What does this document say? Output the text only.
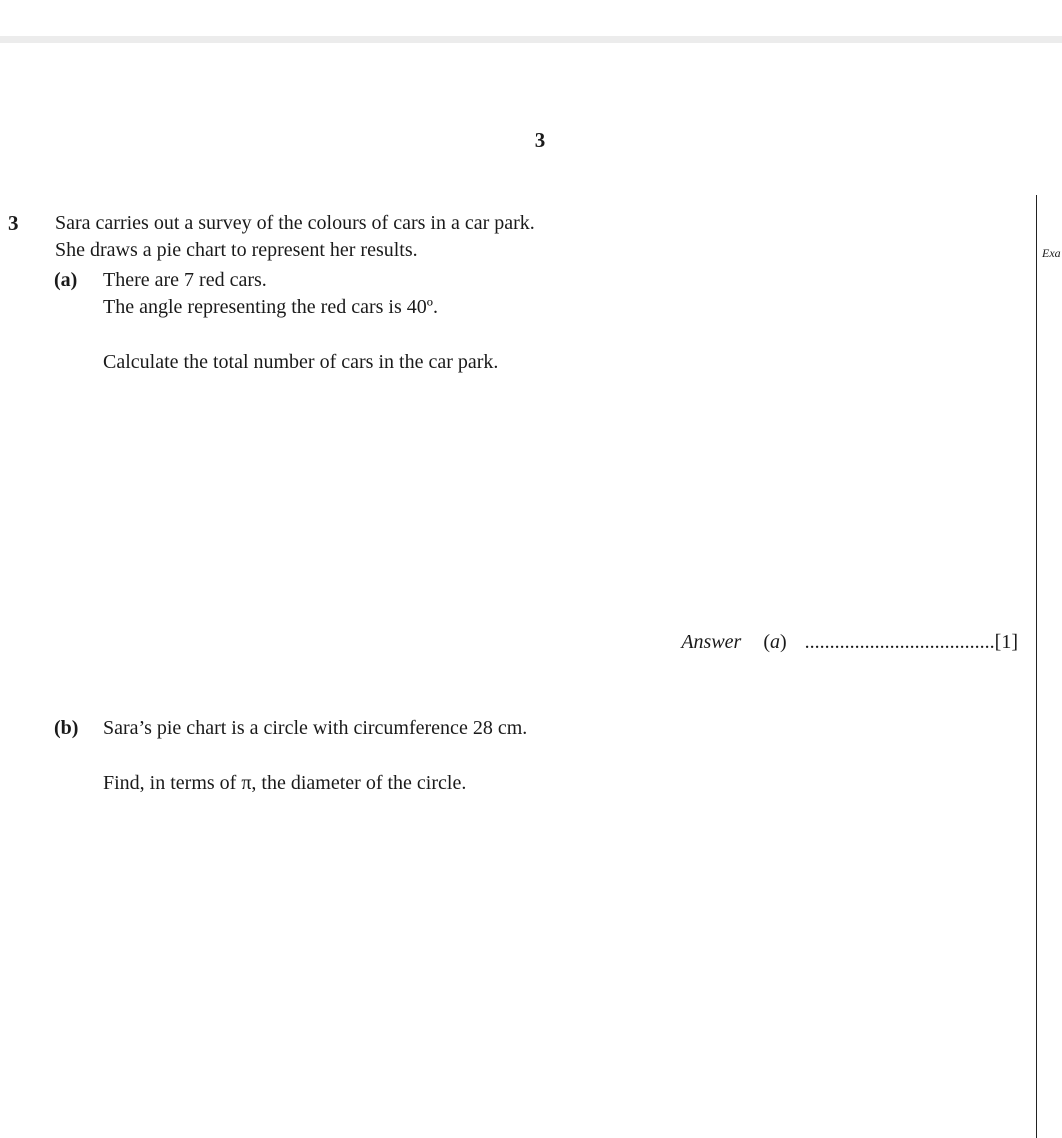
3
3 Sara carries out a survey of the colours of cars in a car park.
She draws a pie chart to represent her results.
(a) There are 7 red cars.
The angle representing the red cars is 40º.
Calculate the total number of cars in the car park.
Answer (a) ......................................[1]
(b) Sara’s pie chart is a circle with circumference 28 cm.
Find, in terms of π, the diameter of the circle.
Exa
